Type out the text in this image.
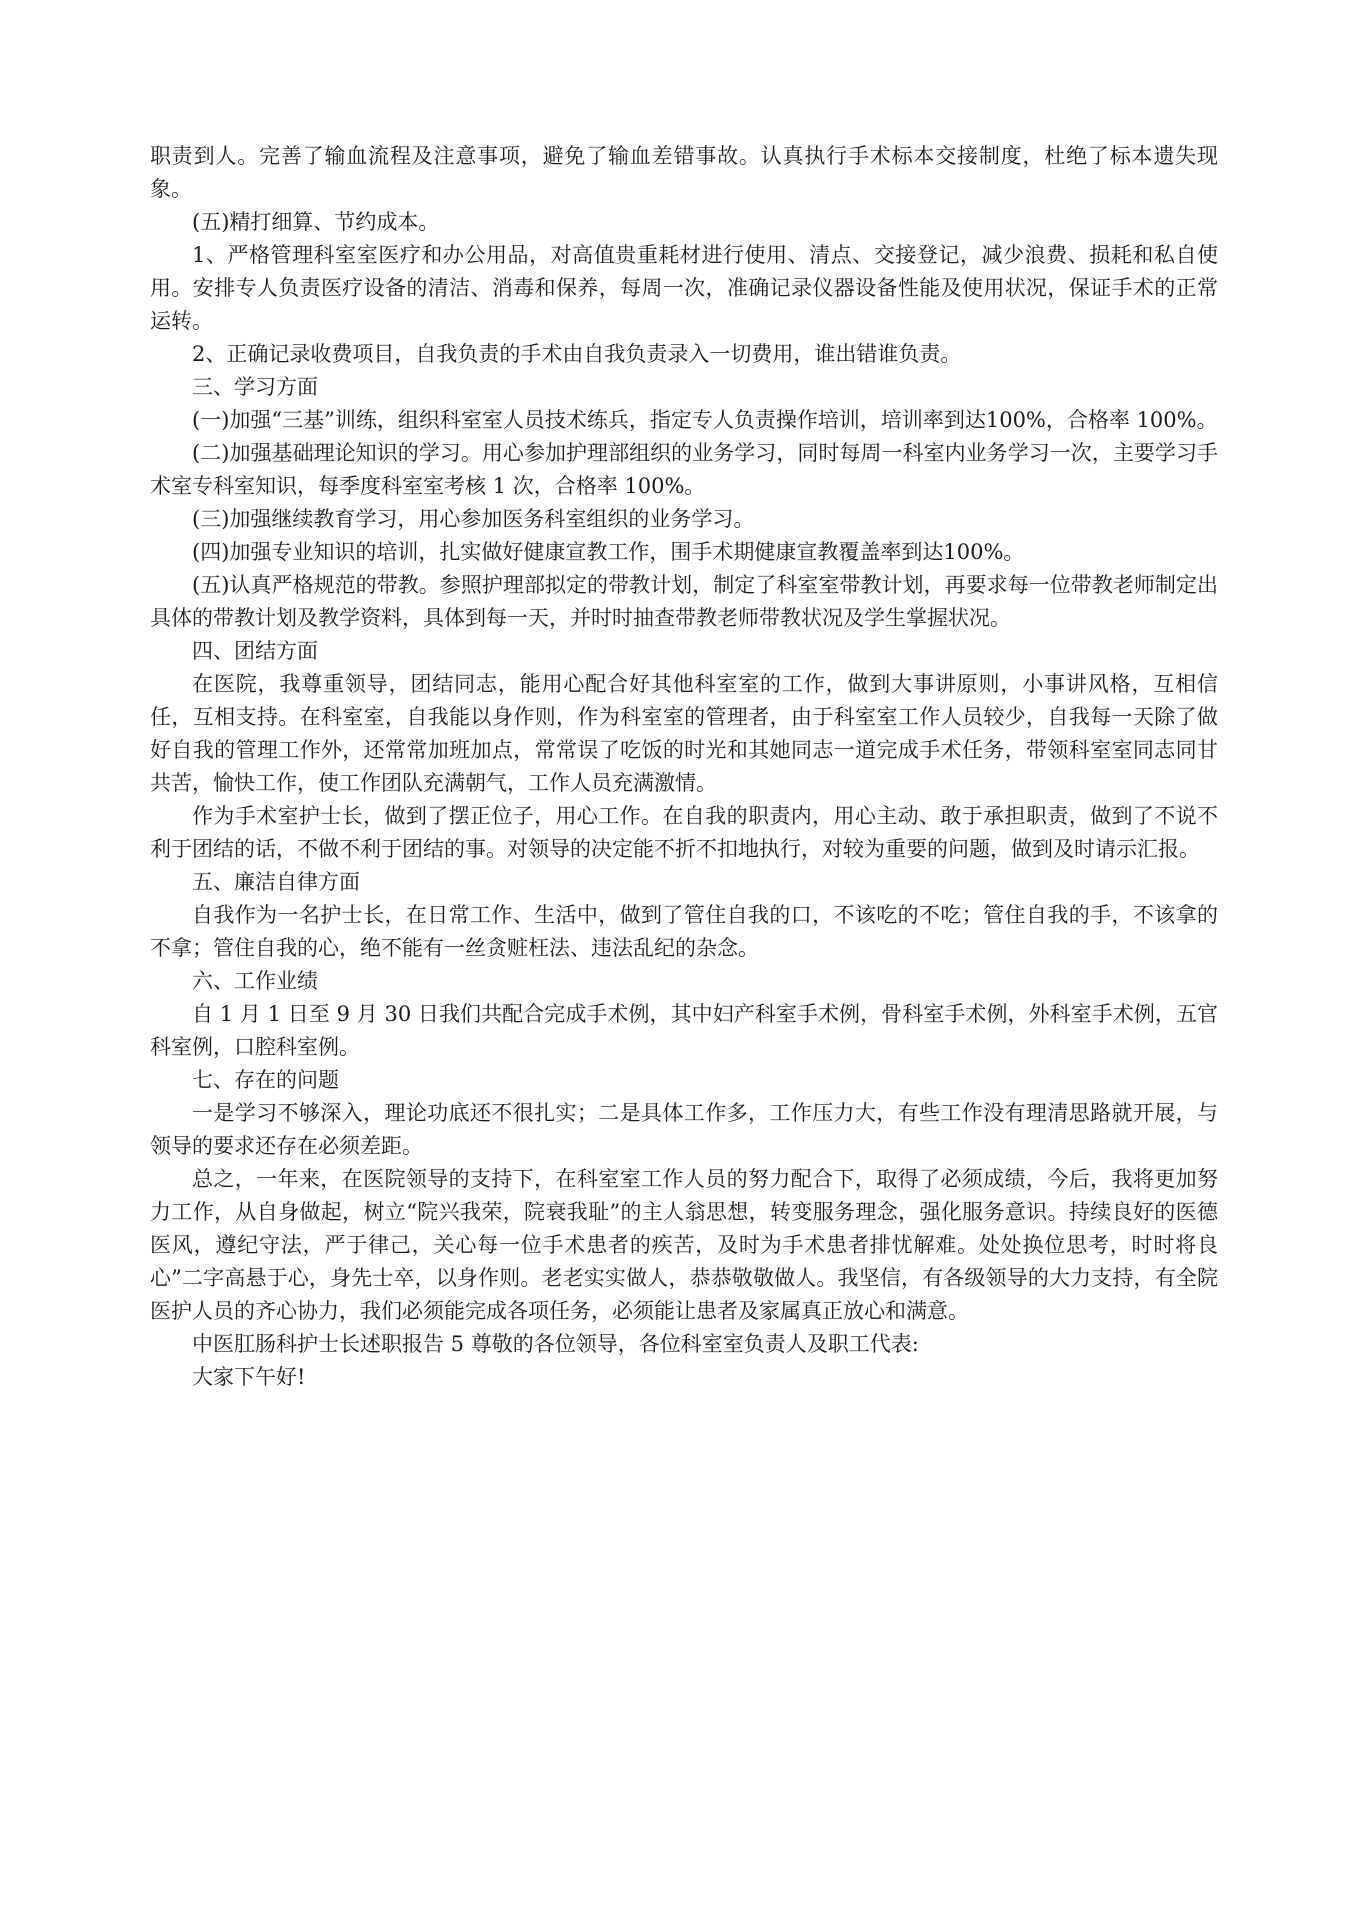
职责到人。完善了输血流程及注意事项，避免了输血差错事故。认真执行手术标本交接制度，杜绝了标本遗失现象。

(五)精打细算、节约成本。

1、严格管理科室室医疗和办公用品，对高值贵重耗材进行使用、清点、交接登记，减少浪费、损耗和私自使用。安排专人负责医疗设备的清洁、消毒和保养，每周一次，准确记录仪器设备性能及使用状况，保证手术的正常运转。

2、正确记录收费项目，自我负责的手术由自我负责录入一切费用，谁出错谁负责。

三、学习方面

(一)加强“三基”训练，组织科室室人员技术练兵，指定专人负责操作培训，培训率到达100%，合格率 100%。

(二)加强基础理论知识的学习。用心参加护理部组织的业务学习，同时每周一科室内业务学习一次，主要学习手术室专科室知识，每季度科室室考核 1 次，合格率 100%。

(三)加强继续教育学习，用心参加医务科室组织的业务学习。

(四)加强专业知识的培训，扎实做好健康宣教工作，围手术期健康宣教覆盖率到达100%。

(五)认真严格规范的带教。参照护理部拟定的带教计划，制定了科室室带教计划，再要求每一位带教老师制定出具体的带教计划及教学资料，具体到每一天，并时时抽查带教老师带教状况及学生掌握状况。

四、团结方面

在医院，我尊重领导，团结同志，能用心配合好其他科室室的工作，做到大事讲原则，小事讲风格，互相信任，互相支持。在科室室，自我能以身作则，作为科室室的管理者，由于科室室工作人员较少，自我每一天除了做好自我的管理工作外，还常常加班加点，常常误了吃饭的时光和其她同志一道完成手术任务，带领科室室同志同甘共苦，愉快工作，使工作团队充满朝气，工作人员充满激情。

作为手术室护士长，做到了摆正位子，用心工作。在自我的职责内，用心主动、敢于承担职责，做到了不说不利于团结的话，不做不利于团结的事。对领导的决定能不折不扣地执行，对较为重要的问题，做到及时请示汇报。

五、廉洁自律方面

自我作为一名护士长，在日常工作、生活中，做到了管住自我的口，不该吃的不吃；管住自我的手，不该拿的不拿；管住自我的心，绝不能有一丝贪赃枉法、违法乱纪的杂念。

六、工作业绩

自 1 月 1 日至 9 月 30 日我们共配合完成手术例，其中妇产科室手术例，骨科室手术例，外科室手术例，五官科室例，口腔科室例。

七、存在的问题

一是学习不够深入，理论功底还不很扎实；二是具体工作多，工作压力大，有些工作没有理清思路就开展，与领导的要求还存在必须差距。

总之，一年来，在医院领导的支持下，在科室室工作人员的努力配合下，取得了必须成绩，今后，我将更加努力工作，从自身做起，树立“院兴我荣，院衰我耻”的主人翁思想，转变服务理念，强化服务意识。持续良好的医德医风，遵纪守法，严于律己，关心每一位手术患者的疾苦，及时为手术患者排忧解难。处处换位思考，时时将良心”二字高悬于心，身先士卒，以身作则。老老实实做人，恭恭敬敬做人。我坚信，有各级领导的大力支持，有全院医护人员的齐心协力，我们必须能完成各项任务，必须能让患者及家属真正放心和满意。

中医肛肠科护士长述职报告 5 尊敬的各位领导，各位科室室负责人及职工代表:

大家下午好!
